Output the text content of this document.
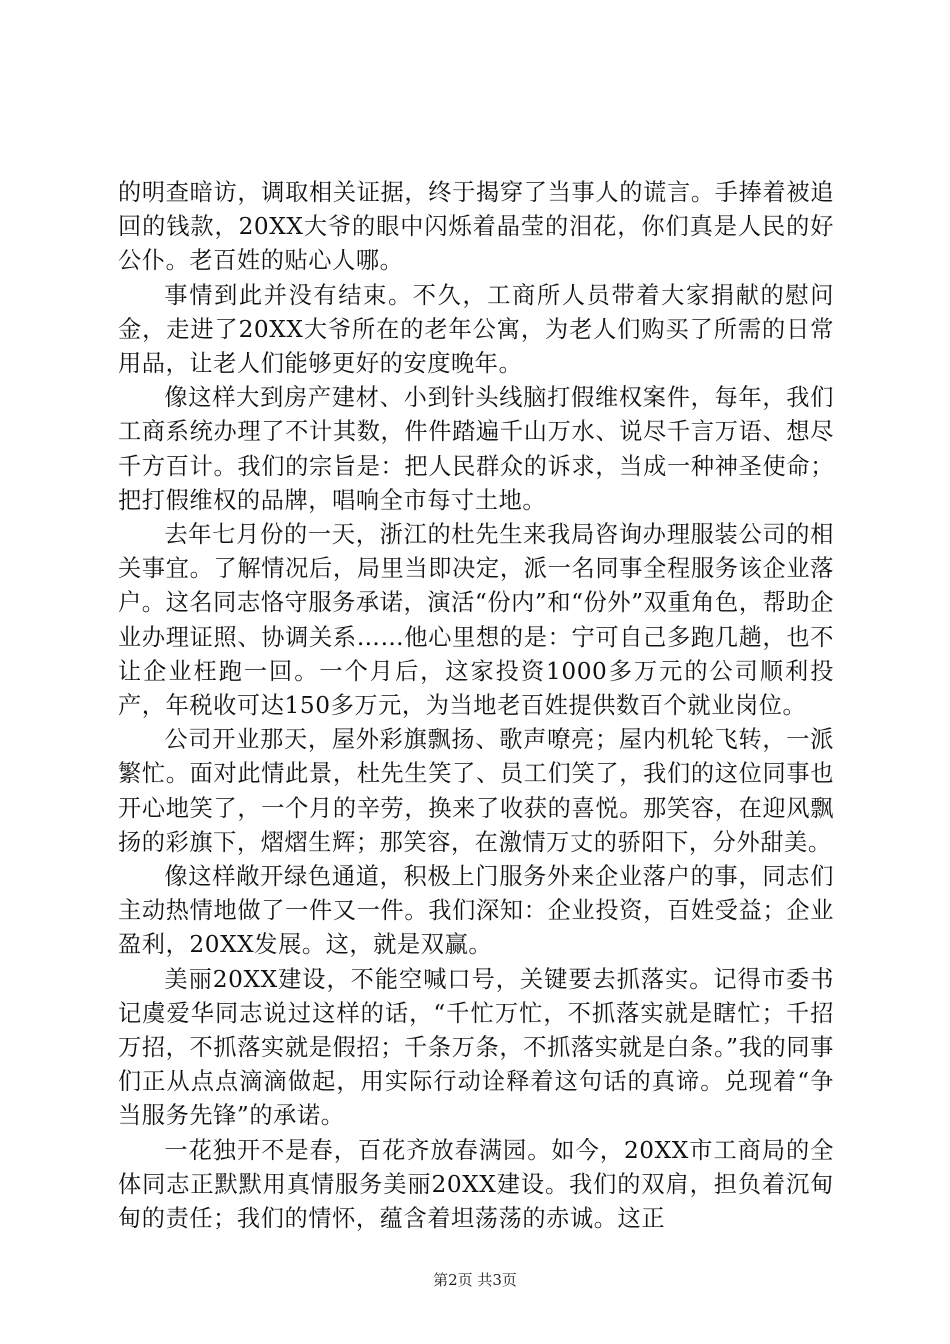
的明查暗访，调取相关证据，终于揭穿了当事人的谎言。手捧着被追回的钱款，20XX大爷的眼中闪烁着晶莹的泪花，你们真是人民的好公仆。老百姓的贴心人哪。

事情到此并没有结束。不久，工商所人员带着大家捐献的慰问金，走进了20XX大爷所在的老年公寓，为老人们购买了所需的日常用品，让老人们能够更好的安度晚年。

像这样大到房产建材、小到针头线脑打假维权案件，每年，我们工商系统办理了不计其数，件件踏遍千山万水、说尽千言万语、想尽千方百计。我们的宗旨是：把人民群众的诉求，当成一种神圣使命；把打假维权的品牌，唱响全市每寸土地。

去年七月份的一天，浙江的杜先生来我局咨询办理服装公司的相关事宜。了解情况后，局里当即决定，派一名同事全程服务该企业落户。这名同志恪守服务承诺，演活“份内”和“份外”双重角色，帮助企业办理证照、协调关系……他心里想的是：宁可自己多跑几趟，也不让企业枉跑一回。一个月后，这家投资1000多万元的公司顺利投产，年税收可达150多万元，为当地老百姓提供数百个就业岗位。

公司开业那天，屋外彩旗飘扬、歌声嘹亮；屋内机轮飞转，一派繁忙。面对此情此景，杜先生笑了、员工们笑了，我们的这位同事也开心地笑了，一个月的辛劳，换来了收获的喜悦。那笑容，在迎风飘扬的彩旗下，熠熠生辉；那笑容，在激情万丈的骄阳下，分外甜美。

像这样敞开绿色通道，积极上门服务外来企业落户的事，同志们主动热情地做了一件又一件。我们深知：企业投资，百姓受益；企业盈利，20XX发展。这，就是双赢。

美丽20XX建设，不能空喊口号，关键要去抓落实。记得市委书记虞爱华同志说过这样的话，“千忙万忙，不抓落实就是瞎忙；千招万招，不抓落实就是假招；千条万条，不抓落实就是白条。”我的同事们正从点点滴滴做起，用实际行动诠释着这句话的真谛。兑现着“争当服务先锋”的承诺。

一花独开不是春，百花齐放春满园。如今，20XX市工商局的全体同志正默默用真情服务美丽20XX建设。我们的双肩，担负着沉甸甸的责任；我们的情怀，蕴含着坦荡荡的赤诚。这正

第2页 共3页
